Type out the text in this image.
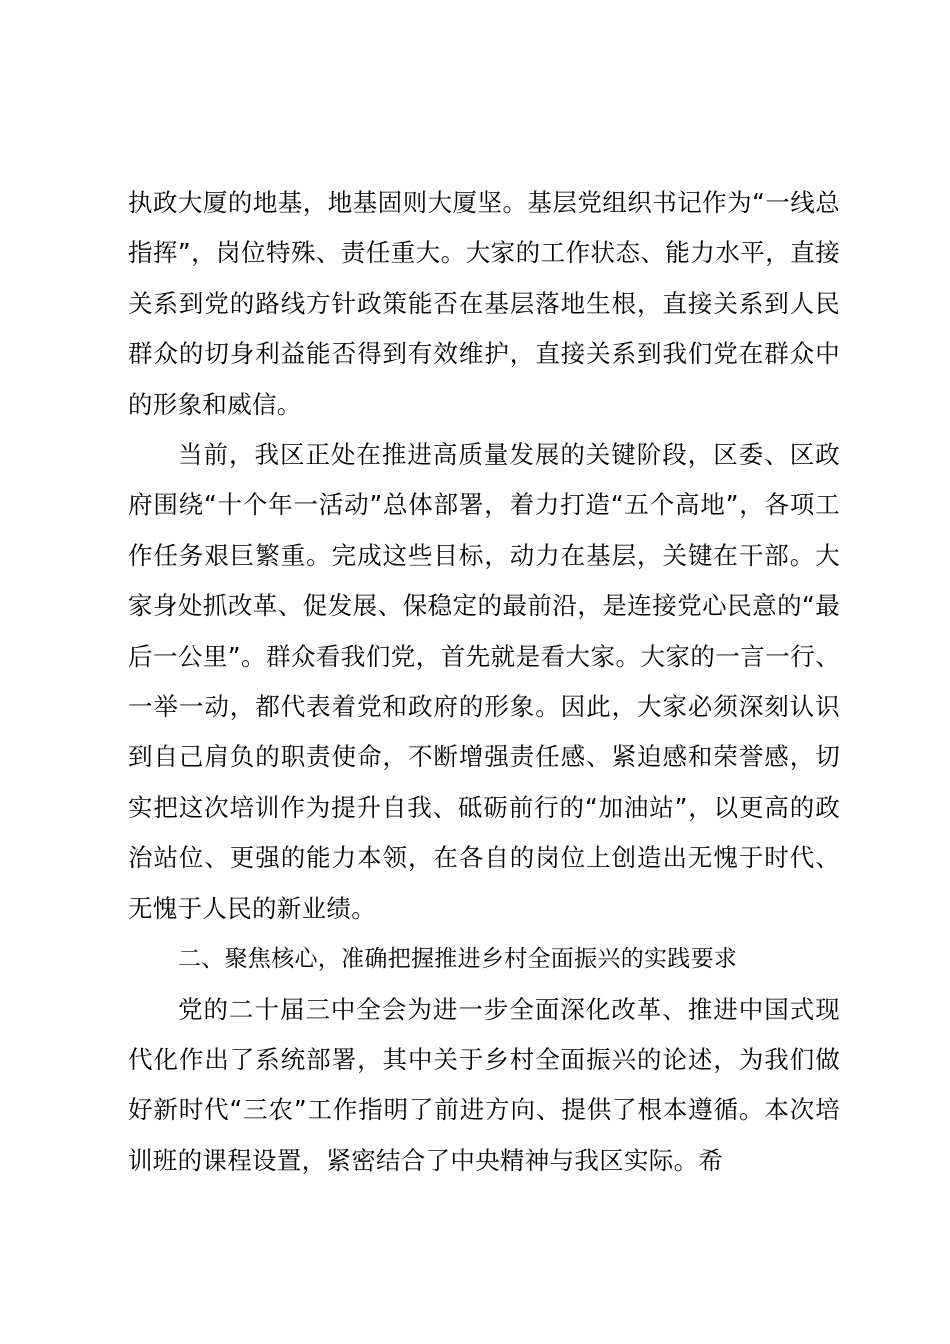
执政大厦的地基，地基固则大厦坚。基层党组织书记作为“一线总指挥”，岗位特殊、责任重大。大家的工作状态、能力水平，直接关系到党的路线方针政策能否在基层落地生根，直接关系到人民群众的切身利益能否得到有效维护，直接关系到我们党在群众中的形象和威信。

当前，我区正处在推进高质量发展的关键阶段，区委、区政府围绕“十个年一活动”总体部署，着力打造“五个高地”，各项工作任务艰巨繁重。完成这些目标，动力在基层，关键在干部。大家身处抓改革、促发展、保稳定的最前沿，是连接党心民意的“最后一公里”。群众看我们党，首先就是看大家。大家的一言一行、一举一动，都代表着党和政府的形象。因此，大家必须深刻认识到自己肩负的职责使命，不断增强责任感、紧迫感和荣誉感，切实把这次培训作为提升自我、砥砺前行的“加油站”，以更高的政治站位、更强的能力本领，在各自的岗位上创造出无愧于时代、无愧于人民的新业绩。

二、聚焦核心，准确把握推进乡村全面振兴的实践要求

党的二十届三中全会为进一步全面深化改革、推进中国式现代化作出了系统部署，其中关于乡村全面振兴的论述，为我们做好新时代“三农”工作指明了前进方向、提供了根本遵循。本次培训班的课程设置，紧密结合了中央精神与我区实际。希
